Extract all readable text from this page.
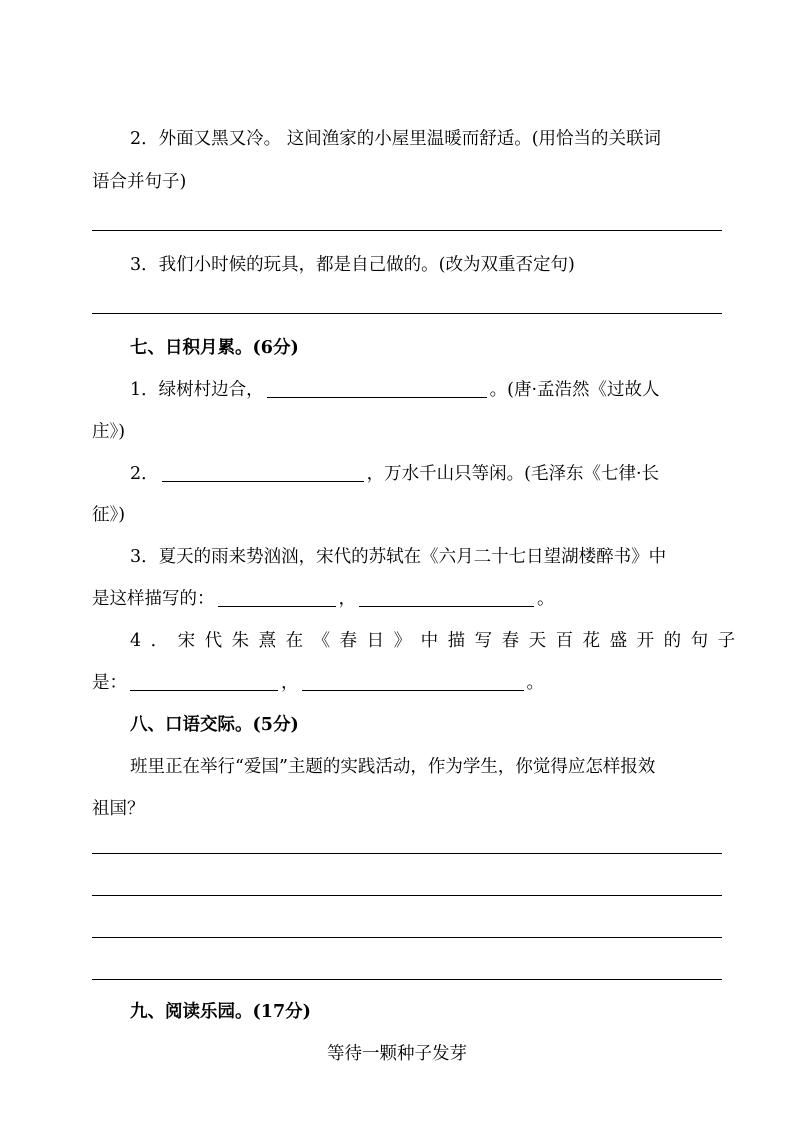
2．外面又黑又冷。 这间渔家的小屋里温暖而舒适。(用恰当的关联词
语合并句子)
3．我们小时候的玩具，都是自己做的。(改为双重否定句)
七、日积月累。(6分)
1．绿树村边合，	。(唐·孟浩然《过故人
庄》)
2．	，万水千山只等闲。(毛泽东《七律·长
征》)
3．夏天的雨来势汹汹，宋代的苏轼在《六月二十七日望湖楼醉书》中
是这样描写的：	，	。
4．宋代朱熹在《春日》中描写春天百花盛开的句子
是：	，	。
八、口语交际。(5分)
班里正在举行“爱国”主题的实践活动，作为学生，你觉得应怎样报效
祖国？
九、阅读乐园。(17分)
等待一颗种子发芽
